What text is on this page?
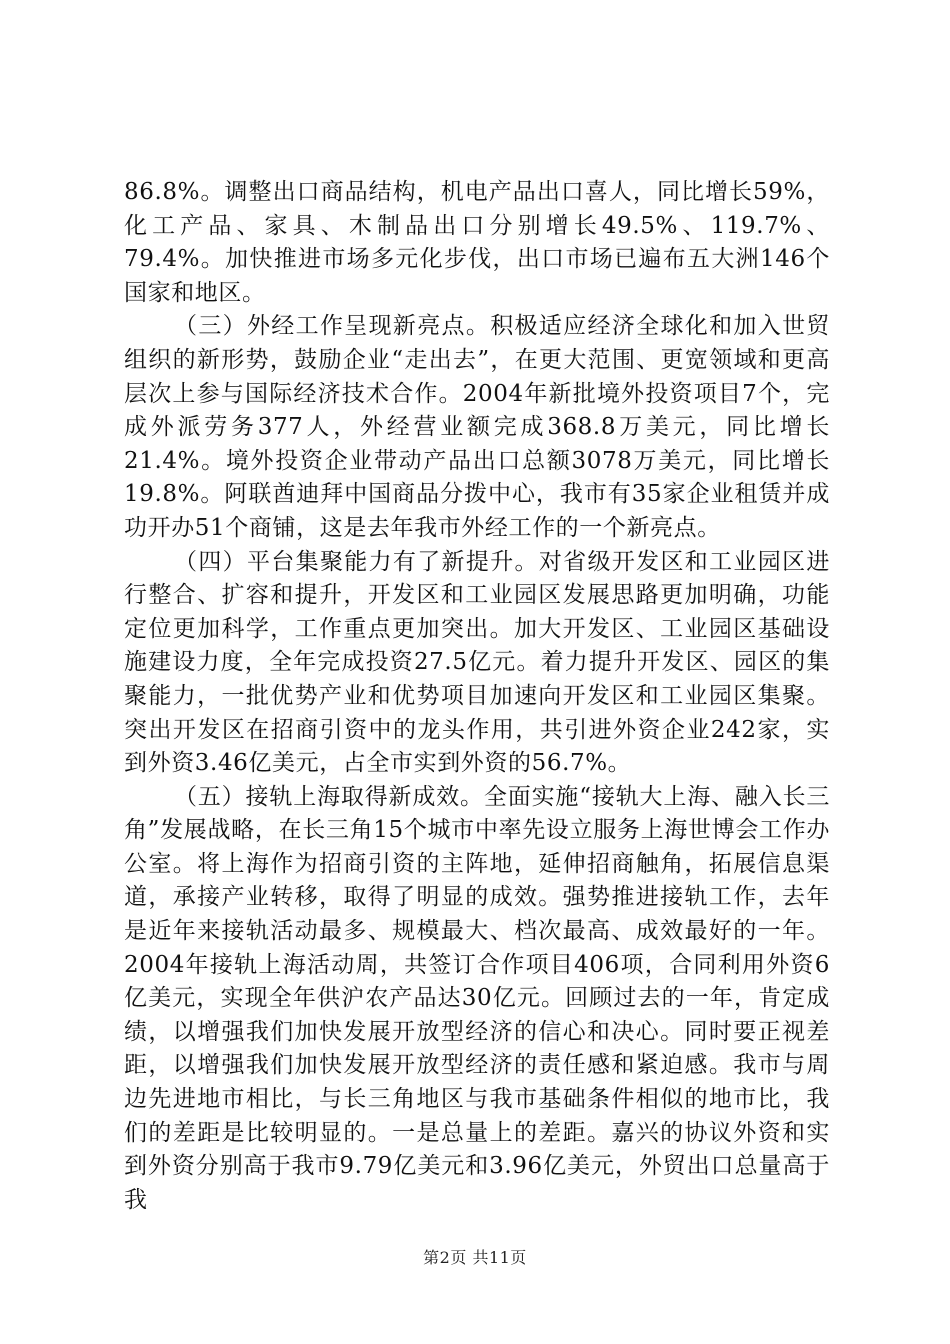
86.8%。调整出口商品结构，机电产品出口喜人，同比增长59%，化工产品、家具、木制品出口分别增长49.5%、119.7%、79.4%。加快推进市场多元化步伐，出口市场已遍布五大洲146个国家和地区。

（三）外经工作呈现新亮点。积极适应经济全球化和加入世贸组织的新形势，鼓励企业“走出去”，在更大范围、更宽领域和更高层次上参与国际经济技术合作。2004年新批境外投资项目7个，完成外派劳务377人，外经营业额完成368.8万美元，同比增长21.4%。境外投资企业带动产品出口总额3078万美元，同比增长19.8%。阿联酋迪拜中国商品分拨中心，我市有35家企业租赁并成功开办51个商铺，这是去年我市外经工作的一个新亮点。

（四）平台集聚能力有了新提升。对省级开发区和工业园区进行整合、扩容和提升，开发区和工业园区发展思路更加明确，功能定位更加科学，工作重点更加突出。加大开发区、工业园区基础设施建设力度，全年完成投资27.5亿元。着力提升开发区、园区的集聚能力，一批优势产业和优势项目加速向开发区和工业园区集聚。突出开发区在招商引资中的龙头作用，共引进外资企业242家，实到外资3.46亿美元，占全市实到外资的56.7%。

（五）接轨上海取得新成效。全面实施“接轨大上海、融入长三角”发展战略，在长三角15个城市中率先设立服务上海世博会工作办公室。将上海作为招商引资的主阵地，延伸招商触角，拓展信息渠道，承接产业转移，取得了明显的成效。强势推进接轨工作，去年是近年来接轨活动最多、规模最大、档次最高、成效最好的一年。2004年接轨上海活动周，共签订合作项目406项，合同利用外资6亿美元，实现全年供沪农产品达30亿元。回顾过去的一年，肯定成绩，以增强我们加快发展开放型经济的信心和决心。同时要正视差距，以增强我们加快发展开放型经济的责任感和紧迫感。我市与周边先进地市相比，与长三角地区与我市基础条件相似的地市比，我们的差距是比较明显的。一是总量上的差距。嘉兴的协议外资和实到外资分别高于我市9.79亿美元和3.96亿美元，外贸出口总量高于我

第2页 共11页
